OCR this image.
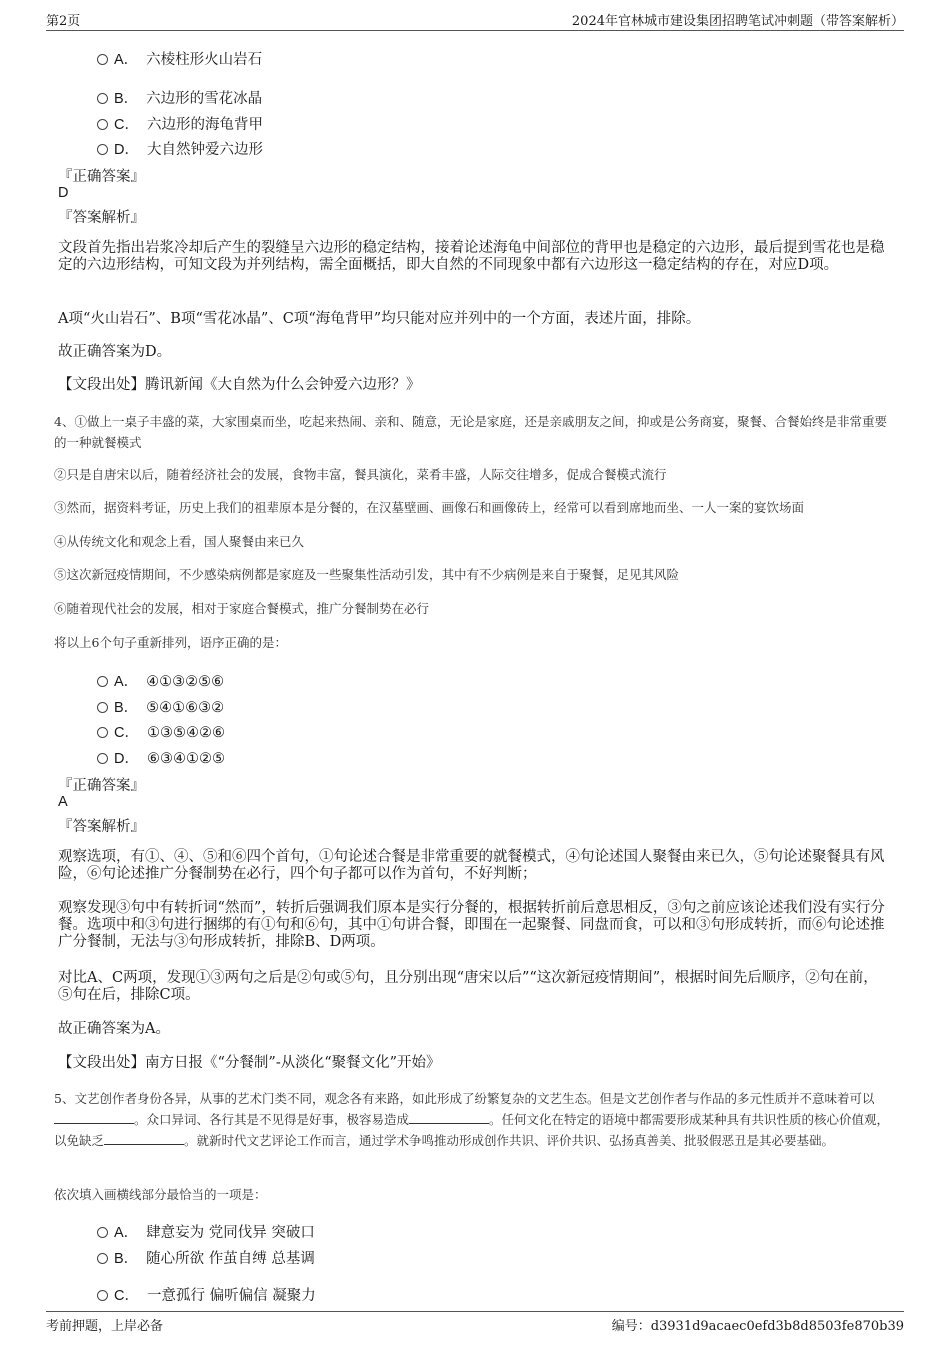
第2页	2024年官林城市建设集团招聘笔试冲刺题（带答案解析）
A． 六棱柱形火山岩石
B． 六边形的雪花冰晶
C． 六边形的海龟背甲
D． 大自然钟爱六边形
『正确答案』
D
『答案解析』
文段首先指出岩浆冷却后产生的裂缝呈六边形的稳定结构，接着论述海龟中间部位的背甲也是稳定的六边形，最后提到雪花也是稳定的六边形结构，可知文段为并列结构，需全面概括，即大自然的不同现象中都有六边形这一稳定结构的存在，对应D项。
A项“火山岩石”、B项“雪花冰晶”、C项“海龟背甲”均只能对应并列中的一个方面，表述片面，排除。
故正确答案为D。
【文段出处】腾讯新闻《大自然为什么会钟爱六边形？》
4、①做上一桌子丰盛的菜，大家围桌而坐，吃起来热闹、亲和、随意，无论是家庭，还是亲戚朋友之间，抑或是公务商宴，聚餐、合餐始终是非常重要的一种就餐模式
②只是自唐宋以后，随着经济社会的发展，食物丰富，餐具演化，菜肴丰盛，人际交往增多，促成合餐模式流行
③然而，据资料考证，历史上我们的祖辈原本是分餐的，在汉墓壁画、画像石和画像砖上，经常可以看到席地而坐、一人一案的宴饮场面
④从传统文化和观念上看，国人聚餐由来已久
⑤这次新冠疫情期间，不少感染病例都是家庭及一些聚集性活动引发，其中有不少病例是来自于聚餐，足见其风险
⑥随着现代社会的发展，相对于家庭合餐模式，推广分餐制势在必行
将以上6个句子重新排列，语序正确的是：
A． ④①③②⑤⑥
B． ⑤④①⑥③②
C． ①③⑤④②⑥
D． ⑥③④①②⑤
『正确答案』
A
『答案解析』
观察选项，有①、④、⑤和⑥四个首句，①句论述合餐是非常重要的就餐模式，④句论述国人聚餐由来已久，⑤句论述聚餐具有风险，⑥句论述推广分餐制势在必行，四个句子都可以作为首句，不好判断；
观察发现③句中有转折词“然而”，转折后强调我们原本是实行分餐的，根据转折前后意思相反，③句之前应该论述我们没有实行分餐。选项中和③句进行捆绑的有①句和⑥句，其中①句讲合餐，即围在一起聚餐、同盘而食，可以和③句形成转折，而⑥句论述推广分餐制，无法与③句形成转折，排除B、D两项。
对比A、C两项，发现①③两句之后是②句或⑤句，且分别出现“唐宋以后”“这次新冠疫情期间”，根据时间先后顺序，②句在前，⑤句在后，排除C项。
故正确答案为A。
【文段出处】南方日报《“分餐制”-从淡化“聚餐文化”开始》
5、文艺创作者身份各异，从事的艺术门类不同，观念各有来路，如此形成了纷繁复杂的文艺生态。但是文艺创作者与作品的多元性质并不意味着可以。众口异词、各行其是不见得是好事，极容易造成	。任何文化在特定的语境中都需要形成某种具有共识性质的核心价值观，以免缺乏	。就新时代文艺评论工作而言，通过学术争鸣推动形成创作共识、评价共识、弘扬真善美、批驳假恶丑是其必要基础。
依次填入画横线部分最恰当的一项是：
A． 肆意妄为 党同伐异 突破口
B． 随心所欲 作茧自缚 总基调
C． 一意孤行 偏听偏信 凝聚力
考前押题，上岸必备	编号：d3931d9acaec0efd3b8d8503fe870b39
